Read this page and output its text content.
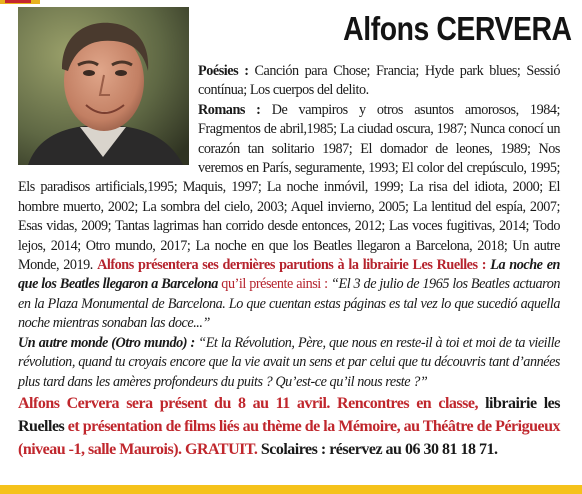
Alfons CERVERA

Poésies : Canción para Chose; Francia; Hyde park blues; Sessió contínua; Los cuerpos del delito.

Romans : De vampiros y otros asuntos amorosos, 1984; Fragmentos de abril,1985; La ciudad oscura, 1987; Nunca conocí un corazón tan solitario 1987; El domador de leones, 1989; Nos veremos en París, seguramente, 1993; El color del crepúsculo, 1995; Els paradisos artificials,1995; Maquis, 1997; La noche inmóvil, 1999; La risa del idiota, 2000; El hombre muerto, 2002; La sombra del cielo, 2003; Aquel invierno, 2005; La lentitud del espía, 2007; Esas vidas, 2009; Tantas lagrimas han corrido desde entonces, 2012; Las voces fugitivas, 2014; Todo lejos, 2014; Otro mundo, 2017; La noche en que los Beatles llegaron a Barcelona, 2018; Un autre Monde, 2019. Alfons présentera ses dernières parutions à la librairie Les Ruelles : La noche en que los Beatles llegaron a Barcelona qu’il présente ainsi : “El 3 de julio de 1965 los Beatles actuaron en la Plaza Monumental de Barcelona. Lo que cuentan estas páginas es tal vez lo que sucedió aquella noche mientras sonaban las doce...”

Un autre monde (Otro mundo) : “Et la Révolution, Père, que nous en reste-il à toi et moi de ta vieille révolution, quand tu croyais encore que la vie avait un sens et par celui que tu découvris tant d’années plus tard dans les amères profondeurs du puits ? Qu’est-ce qu’il nous reste ?”

Alfons Cervera sera présent du 8 au 11 avril. Rencontres en classe, librairie les Ruelles et présentation de films liés au thème de la Mémoire, au Théâtre de Périgueux (niveau -1, salle Maurois). GRATUIT. Scolaires : réservez au 06 30 81 18 71.
